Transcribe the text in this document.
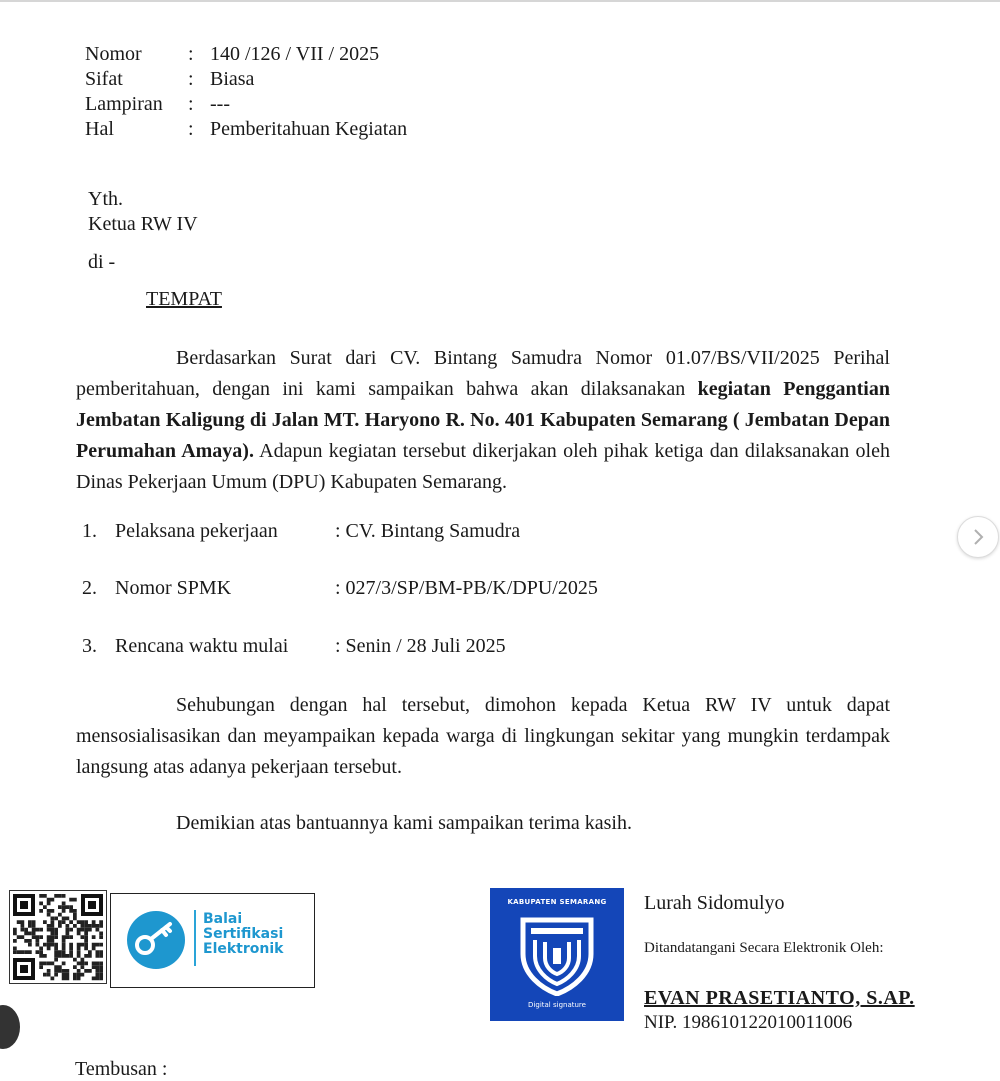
Nomor	: 140 /126 / VII / 2025
Sifat	: Biasa
Lampiran	: ---
Hal	: Pemberitahuan Kegiatan
Yth.
Ketua RW IV
di -
TEMPAT
Berdasarkan Surat dari CV. Bintang Samudra Nomor 01.07/BS/VII/2025 Perihal pemberitahuan, dengan ini kami sampaikan bahwa akan dilaksanakan kegiatan Penggantian Jembatan Kaligung di Jalan MT. Haryono R. No. 401 Kabupaten Semarang ( Jembatan Depan Perumahan Amaya). Adapun kegiatan tersebut dikerjakan oleh pihak ketiga dan dilaksanakan oleh Dinas Pekerjaan Umum (DPU) Kabupaten Semarang.
1. Pelaksana pekerjaan	: CV. Bintang Samudra
2. Nomor SPMK	: 027/3/SP/BM-PB/K/DPU/2025
3. Rencana waktu mulai	: Senin / 28 Juli 2025
Sehubungan dengan hal tersebut, dimohon kepada Ketua RW IV untuk dapat mensosialisasikan dan meyampaikan kepada warga di lingkungan sekitar yang mungkin terdampak langsung atas adanya pekerjaan tersebut.
Demikian atas bantuannya kami sampaikan terima kasih.
Balai
Sertifikasi
Elektronik
KABUPATEN SEMARANG
Digital signature
Lurah Sidomulyo
Ditandatangani Secara Elektronik Oleh:
EVAN PRASETIANTO, S.AP.
NIP. 198610122010011006
Tembusan :
